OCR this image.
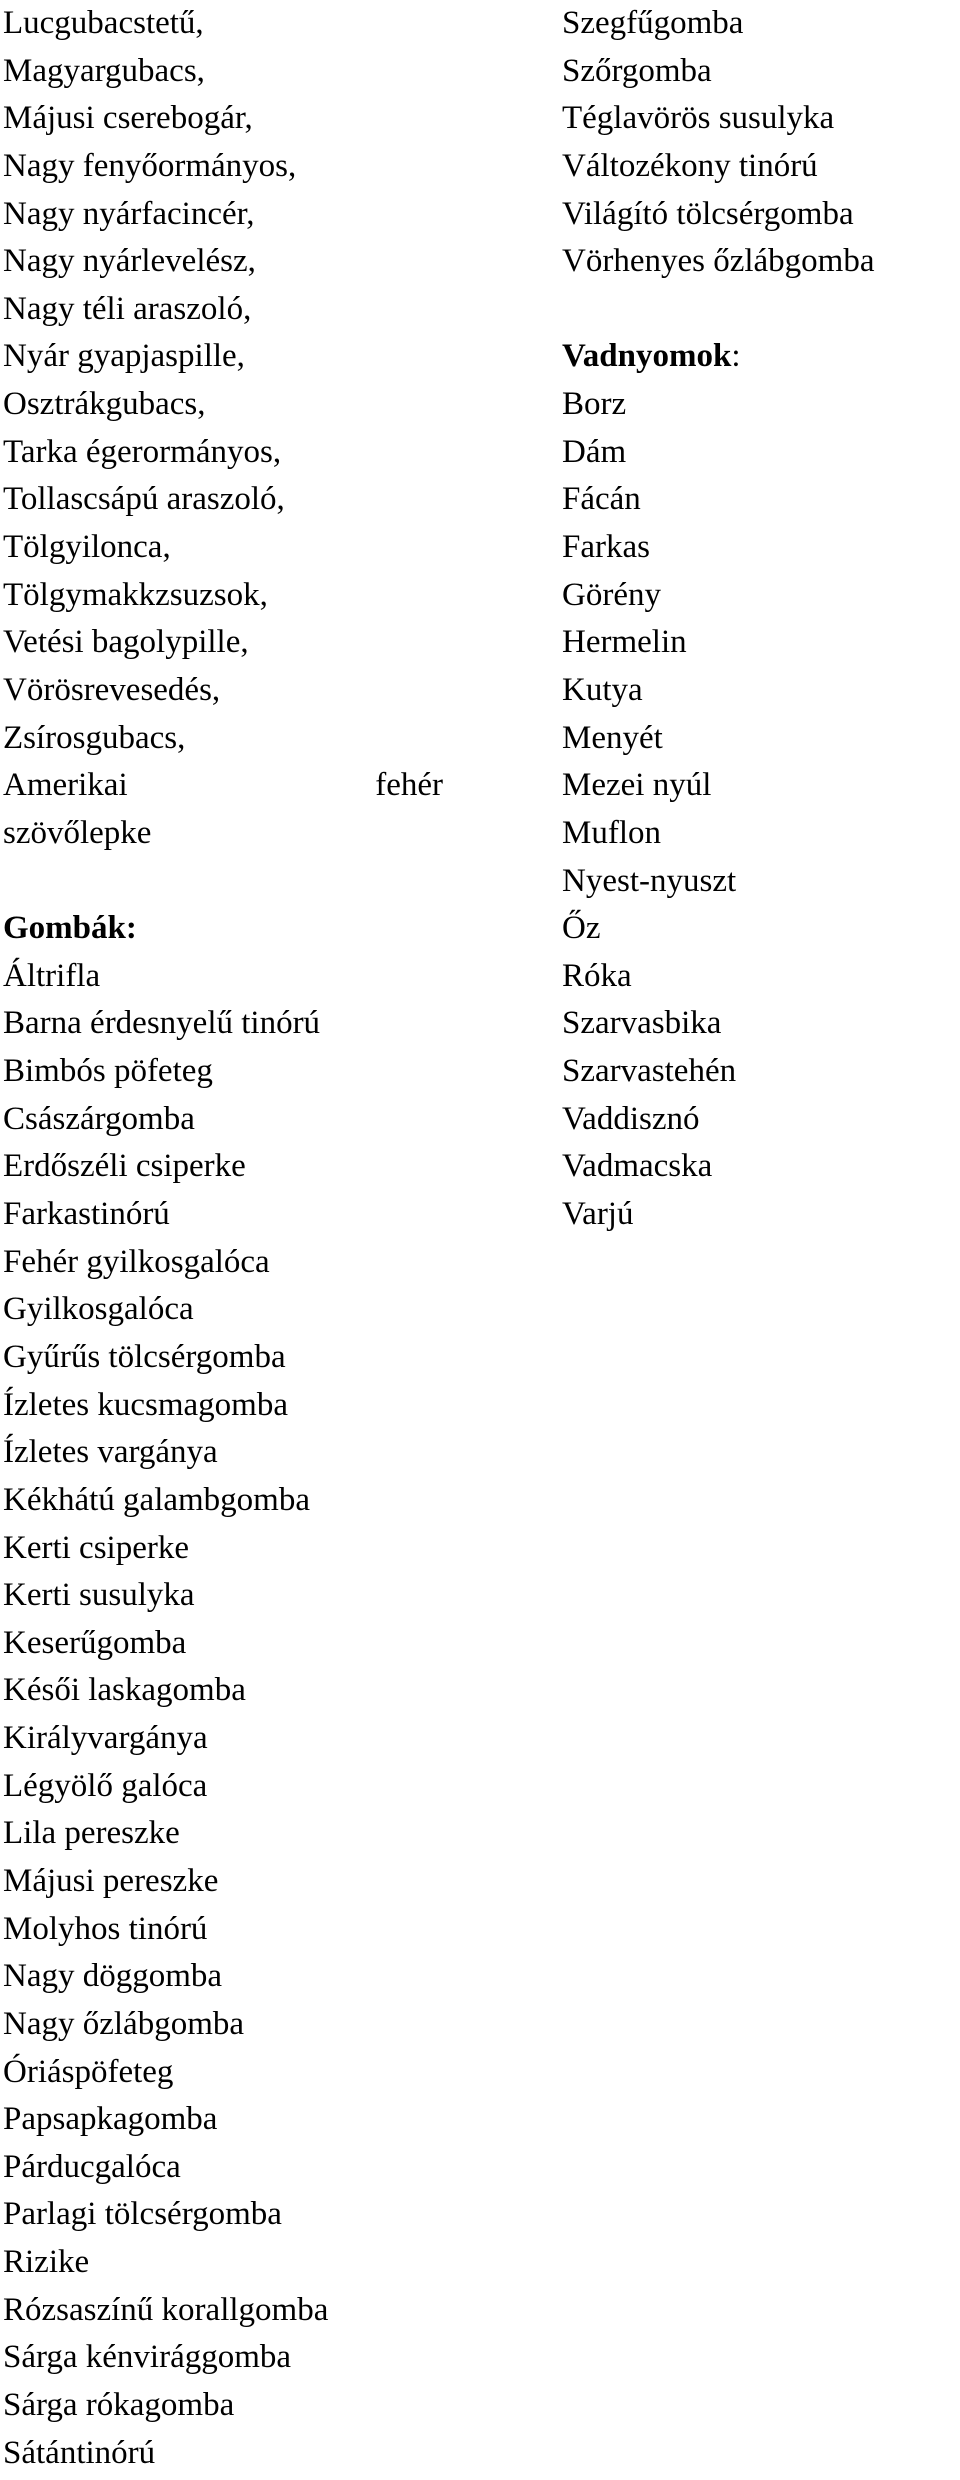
Lucgubacstetű,
Magyargubacs,
Májusi cserebogár,
Nagy fenyőormányos,
Nagy nyárfacincér,
Nagy nyárlevelész,
Nagy téli araszoló,
Nyár gyapjaspille,
Osztrákgubacs,
Tarka égerormányos,
Tollascsápú araszoló,
Tölgyilonca,
Tölgymakkzsuzsok,
Vetési bagolypille,
Vörösrevesedés,
Zsírosgubacs,
Amerikai	fehér
szövőlepke
Gombák:
Áltrifla
Barna érdesnyelű tinórú
Bimbós pöfeteg
Császárgomba
Erdőszéli csiperke
Farkastinórú
Fehér gyilkosgalóca
Gyilkosgalóca
Gyűrűs tölcsérgomba
Ízletes kucsmagomba
Ízletes vargánya
Kékhátú galambgomba
Kerti csiperke
Kerti susulyka
Keserűgomba
Késői laskagomba
Királyvargánya
Légyölő galóca
Lila pereszke
Májusi pereszke
Molyhos tinórú
Nagy döggomba
Nagy őzlábgomba
Óriáspöfeteg
Papsapkagomba
Párducgalóca
Parlagi tölcsérgomba
Rizike
Rózsaszínű korallgomba
Sárga kénvirággomba
Sárga rókagomba
Sátántinórú
Szegfűgomba
Szőrgomba
Téglavörös susulyka
Változékony tinórú
Világító tölcsérgomba
Vörhenyes őzlábgomba
Vadnyomok:
Borz
Dám
Fácán
Farkas
Görény
Hermelin
Kutya
Menyét
Mezei nyúl
Muflon
Nyest-nyuszt
Őz
Róka
Szarvasbika
Szarvastehén
Vaddisznó
Vadmacska
Varjú
